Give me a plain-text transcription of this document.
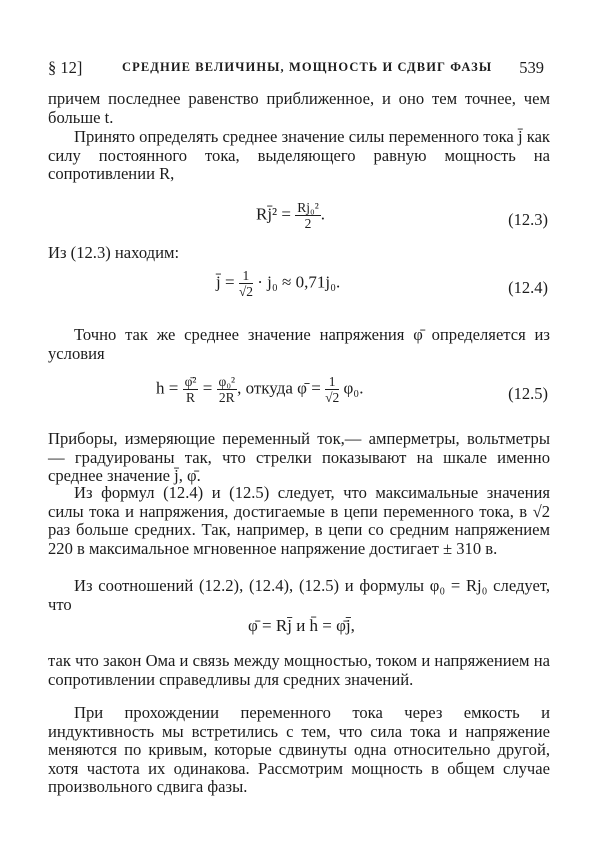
§ 12]	СРЕДНИЕ ВЕЛИЧИНЫ, МОЩНОСТЬ И СДВИГ ФАЗЫ 539
причем последнее равенство приближенное, и оно тем точнее, чем больше t.
Принято определять среднее значение силы переменного тока j̄ как силу постоянного тока, выделяющего равную мощность на сопротивлении R,
Rj̄² = $\frac{\text{Rj₀²}}{2}$ .	(12.3)
Из (12.3) находим:
j̄ = $\frac{1}{√2} \cdot j_0 \approx 0,71j_0$.	(12.4)
Точно так же среднее значение напряжения φ̄ определяется из условия
$h = \frac{\text{φ̄²}}{R} = \frac{\text{φ₀²}}{2R}$ , откуда φ̄ = $\frac{1}{√2} \varphi_0$.	(12.5)
Приборы, измеряющие переменный ток,— амперметры, вольтметры — градуированы так, что стрелки показывают на шкале именно среднее значение j̄, φ̄.
Из формул (12.4) и (12.5) следует, что максимальные значения силы тока и напряжения, достигаемые в цепи переменного тока, в √2 раз больше средних. Так, например, в цепи со средним напряжением 220 в максимальное мгновенное напряжение достигает ± 310 в.
Из соотношений (12.2), (12.4), (12.5) и формулы φ₀ = Rj₀ следует, что
φ̄ = Rj̄ и h̄ = φ̄j̄,
так что закон Ома и связь между мощностью, током и напряжением на сопротивлении справедливы для средних значений.
При прохождении переменного тока через емкость и индуктивность мы встретились с тем, что сила тока и напряжение меняются по кривым, которые сдвинуты одна относительно другой, хотя частота их одинакова. Рассмотрим мощность в общем случае произвольного сдвига фазы.
